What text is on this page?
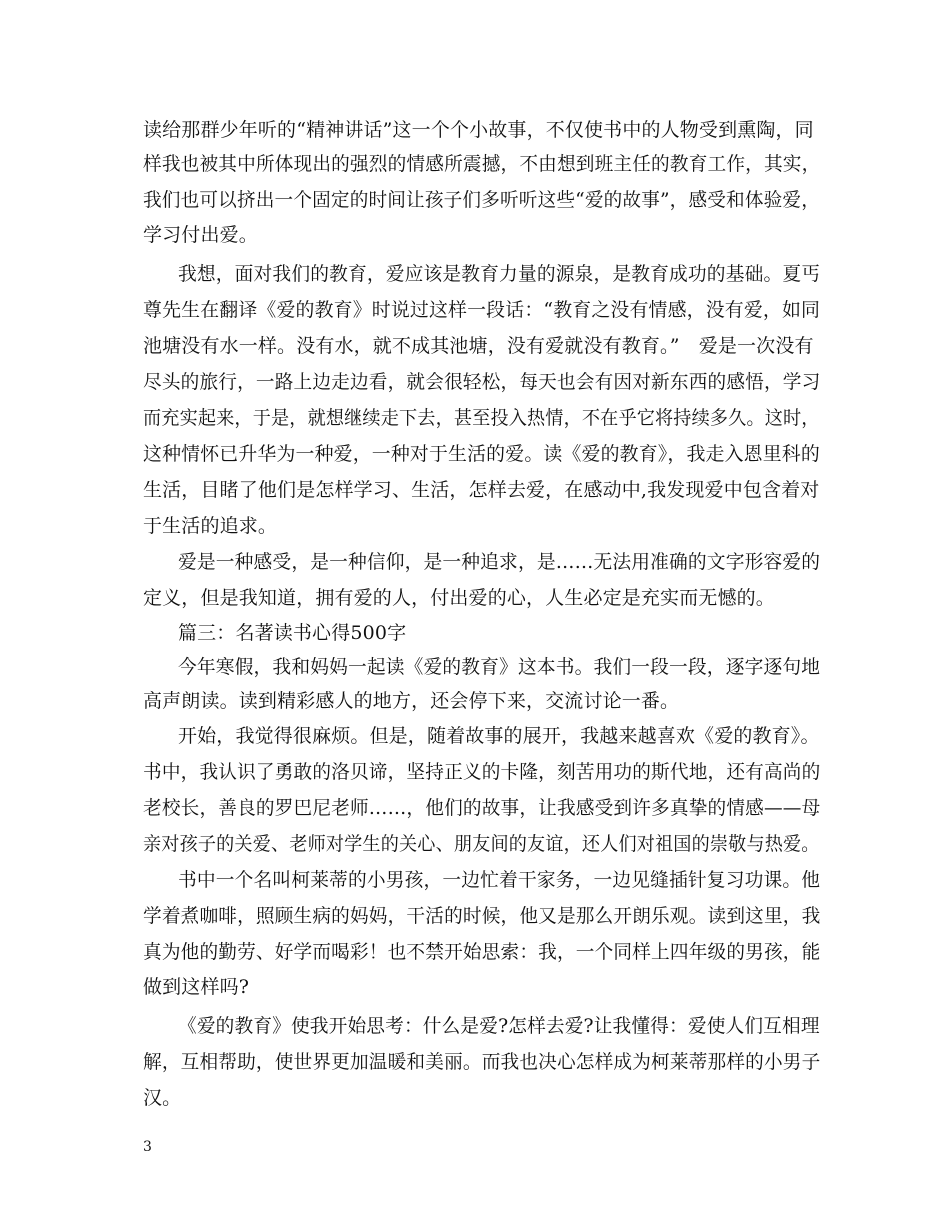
读给那群少年听的“精神讲话”这一个个小故事，不仅使书中的人物受到熏陶，同
样我也被其中所体现出的强烈的情感所震撼，不由想到班主任的教育工作，其实，
我们也可以挤出一个固定的时间让孩子们多听听这些“爱的故事”，感受和体验爱，
学习付出爱。
我想，面对我们的教育，爱应该是教育力量的源泉，是教育成功的基础。夏丐
尊先生在翻译《爱的教育》时说过这样一段话：“教育之没有情感，没有爱，如同
池塘没有水一样。没有水，就不成其池塘，没有爱就没有教育。”　爱是一次没有
尽头的旅行，一路上边走边看，就会很轻松，每天也会有因对新东西的感悟，学习
而充实起来，于是，就想继续走下去，甚至投入热情，不在乎它将持续多久。这时，
这种情怀已升华为一种爱，一种对于生活的爱。读《爱的教育》，我走入恩里科的
生活，目睹了他们是怎样学习、生活，怎样去爱，在感动中,我发现爱中包含着对
于生活的追求。
爱是一种感受，是一种信仰，是一种追求，是……无法用准确的文字形容爱的
定义，但是我知道，拥有爱的人，付出爱的心，人生必定是充实而无憾的。
篇三：名著读书心得500字
今年寒假，我和妈妈一起读《爱的教育》这本书。我们一段一段，逐字逐句地
高声朗读。读到精彩感人的地方，还会停下来，交流讨论一番。
开始，我觉得很麻烦。但是，随着故事的展开，我越来越喜欢《爱的教育》。
书中，我认识了勇敢的洛贝谛，坚持正义的卡隆，刻苦用功的斯代地，还有高尚的
老校长，善良的罗巴尼老师……，他们的故事，让我感受到许多真挚的情感——母
亲对孩子的关爱、老师对学生的关心、朋友间的友谊，还人们对祖国的崇敬与热爱。
书中一个名叫柯莱蒂的小男孩，一边忙着干家务，一边见缝插针复习功课。他
学着煮咖啡，照顾生病的妈妈，干活的时候，他又是那么开朗乐观。读到这里，我
真为他的勤劳、好学而喝彩！也不禁开始思索：我，一个同样上四年级的男孩，能
做到这样吗?
《爱的教育》使我开始思考：什么是爱?怎样去爱?让我懂得：爱使人们互相理
解，互相帮助，使世界更加温暖和美丽。而我也决心怎样成为柯莱蒂那样的小男子
汉。
3
